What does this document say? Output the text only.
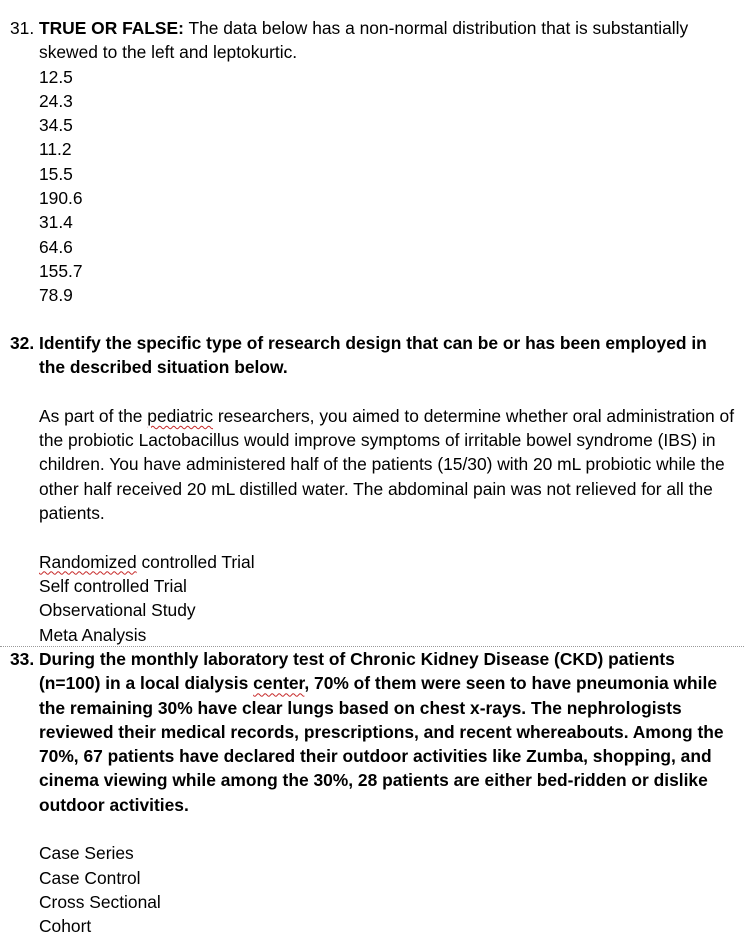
31. TRUE OR FALSE: The data below has a non-normal distribution that is substantially skewed to the left and leptokurtic.

12.5
24.3
34.5
11.2
15.5
190.6
31.4
64.6
155.7
78.9
32. Identify the specific type of research design that can be or has been employed in the described situation below.

As part of the pediatric researchers, you aimed to determine whether oral administration of the probiotic Lactobacillus would improve symptoms of irritable bowel syndrome (IBS) in children. You have administered half of the patients (15/30) with 20 mL probiotic while the other half received 20 mL distilled water. The abdominal pain was not relieved for all the patients.

Randomized controlled Trial
Self controlled Trial
Observational Study
Meta Analysis
33. During the monthly laboratory test of Chronic Kidney Disease (CKD) patients (n=100) in a local dialysis center, 70% of them were seen to have pneumonia while the remaining 30% have clear lungs based on chest x-rays. The nephrologists reviewed their medical records, prescriptions, and recent whereabouts. Among the 70%, 67 patients have declared their outdoor activities like Zumba, shopping, and cinema viewing while among the 30%, 28 patients are either bed-ridden or dislike outdoor activities.

Case Series
Case Control
Cross Sectional
Cohort
